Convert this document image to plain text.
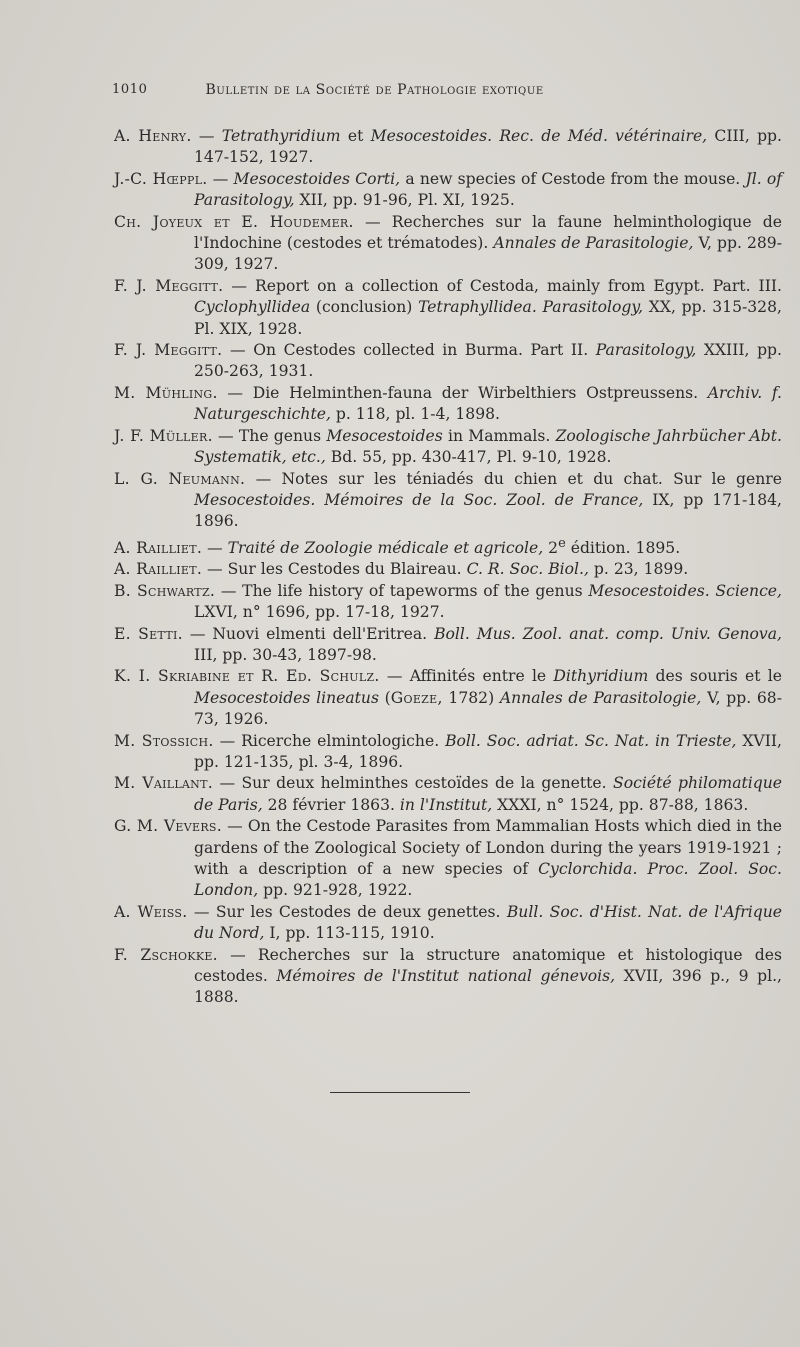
1010	Bulletin de la Société de Pathologie exotique

A. Henry. — Tetrathyridium et Mesocestoides. Rec. de Méd. vétérinaire, CIII, pp. 147-152, 1927.

J.-C. Hœppl. — Mesocestoides Corti, a new species of Cestode from the mouse. Jl. of Parasitology, XII, pp. 91-96, Pl. XI, 1925.

Ch. Joyeux et E. Houdemer. — Recherches sur la faune helminthologique de l'Indochine (cestodes et trématodes). Annales de Parasitologie, V, pp. 289-309, 1927.

F. J. Meggitt. — Report on a collection of Cestoda, mainly from Egypt. Part. III. Cyclophyllidea (conclusion) Tetraphyllidea. Parasitology, XX, pp. 315-328, Pl. XIX, 1928.

F. J. Meggitt. — On Cestodes collected in Burma. Part II. Parasitology, XXIII, pp. 250-263, 1931.

M. Mühling. — Die Helminthen-fauna der Wirbelthiers Ostpreussens. Archiv. f. Naturgeschichte, p. 118, pl. 1-4, 1898.

J. F. Müller. — The genus Mesocestoides in Mammals. Zoologische Jahrbücher Abt. Systematik, etc., Bd. 55, pp. 430-417, Pl. 9-10, 1928.

L. G. Neumann. — Notes sur les téniadés du chien et du chat. Sur le genre Mesocestoides. Mémoires de la Soc. Zool. de France, IX, pp 171-184, 1896.

A. Railliet. — Traité de Zoologie médicale et agricole, 2e édition. 1895.

A. Railliet. — Sur les Cestodes du Blaireau. C. R. Soc. Biol., p. 23, 1899.

B. Schwartz. — The life history of tapeworms of the genus Mesocestoides. Science, LXVI, n° 1696, pp. 17-18, 1927.

E. Setti. — Nuovi elmenti dell'Eritrea. Boll. Mus. Zool. anat. comp. Univ. Genova, III, pp. 30-43, 1897-98.

K. I. Skriabine et R. Ed. Schulz. — Affinités entre le Dithyridium des souris et le Mesocestoides lineatus (Goeze, 1782) Annales de Parasitologie, V, pp. 68-73, 1926.

M. Stossich. — Ricerche elmintologiche. Boll. Soc. adriat. Sc. Nat. in Trieste, XVII, pp. 121-135, pl. 3-4, 1896.

M. Vaillant. — Sur deux helminthes cestoïdes de la genette. Société philomatique de Paris, 28 février 1863. in l'Institut, XXXI, n° 1524, pp. 87-88, 1863.

G. M. Vevers. — On the Cestode Parasites from Mammalian Hosts which died in the gardens of the Zoological Society of London during the years 1919-1921 ; with a description of a new species of Cyclorchida. Proc. Zool. Soc. London, pp. 921-928, 1922.

A. Weiss. — Sur les Cestodes de deux genettes. Bull. Soc. d'Hist. Nat. de l'Afrique du Nord, I, pp. 113-115, 1910.

F. Zschokke. — Recherches sur la structure anatomique et histologique des cestodes. Mémoires de l'Institut national génevois, XVII, 396 p., 9 pl., 1888.
